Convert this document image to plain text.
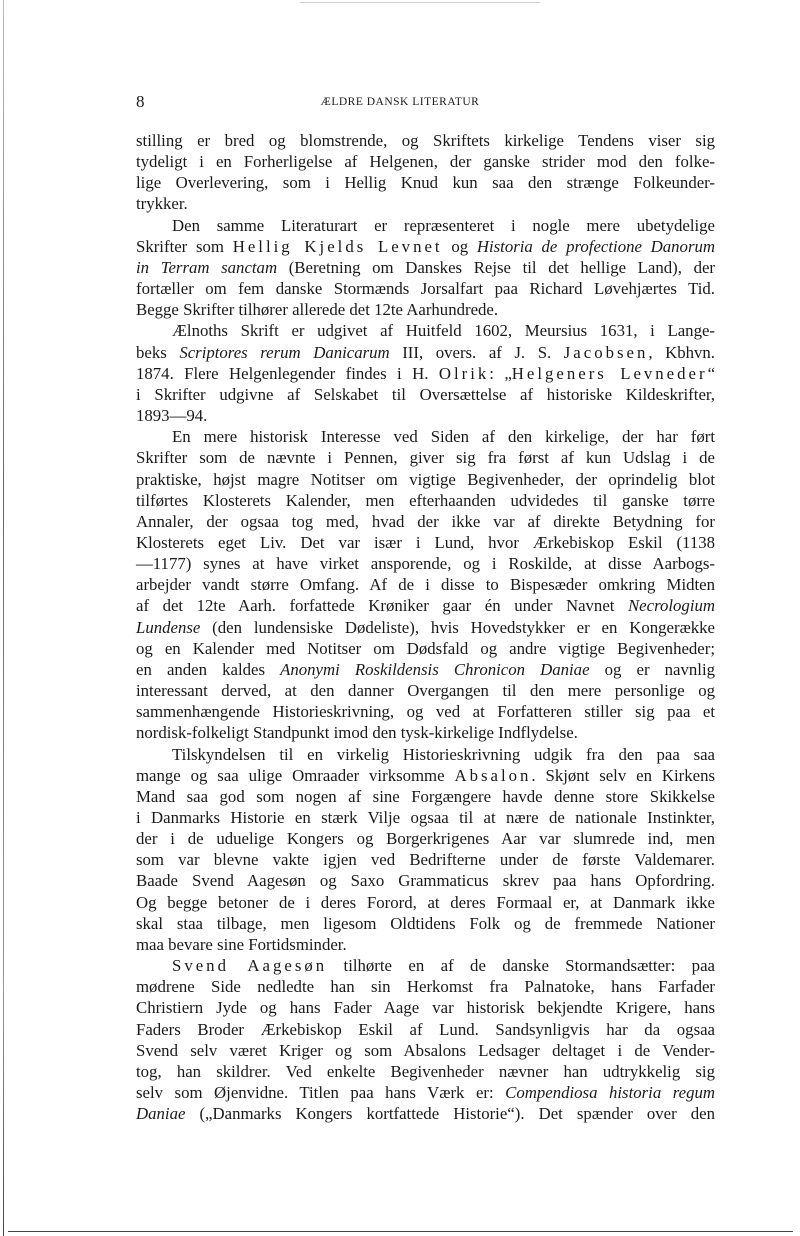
8	ÆLDRE DANSK LITERATUR
stilling er bred og blomstrende, og Skriftets kirkelige Tendens viser sig
tydeligt i en Forherligelse af Helgenen, der ganske strider mod den folke-
lige Overlevering, som i Hellig Knud kun saa den strænge Folkeunder-
trykker.
Den samme Literaturart er repræsenteret i nogle mere ubetydelige
Skrifter som Hellig Kjelds Levnet og Historia de profectione Danorum
in Terram sanctam (Beretning om Danskes Rejse til det hellige Land), der
fortæller om fem danske Stormænds Jorsalfart paa Richard Løvehjærtes Tid.
Begge Skrifter tilhører allerede det 12te Aarhundrede.
Ælnoths Skrift er udgivet af Huitfeld 1602, Meursius 1631, i Lange-
beks Scriptores rerum Danicarum III, overs. af J. S. Jacobsen, Kbhvn.
1874. Flere Helgenlegender findes i H. Olrik: „Helgeners Levneder“
i Skrifter udgivne af Selskabet til Oversættelse af historiske Kildeskrifter,
1893—94.
En mere historisk Interesse ved Siden af den kirkelige, der har ført
Skrifter som de nævnte i Pennen, giver sig fra først af kun Udslag i de
praktiske, højst magre Notitser om vigtige Begivenheder, der oprindelig blot
tilførtes Klosterets Kalender, men efterhaanden udvidedes til ganske tørre
Annaler, der ogsaa tog med, hvad der ikke var af direkte Betydning for
Klosterets eget Liv. Det var især i Lund, hvor Ærkebiskop Eskil (1138
—1177) synes at have virket ansporende, og i Roskilde, at disse Aarbogs-
arbejder vandt større Omfang. Af de i disse to Bispesæder omkring Midten
af det 12te Aarh. forfattede Krøniker gaar én under Navnet Necrologium
Lundense (den lundensiske Dødeliste), hvis Hovedstykker er en Kongerække
og en Kalender med Notitser om Dødsfald og andre vigtige Begivenheder;
en anden kaldes Anonymi Roskildensis Chronicon Daniae og er navnlig
interessant derved, at den danner Overgangen til den mere personlige og
sammenhængende Historieskrivning, og ved at Forfatteren stiller sig paa et
nordisk-folkeligt Standpunkt imod den tysk-kirkelige Indflydelse.
Tilskyndelsen til en virkelig Historieskrivning udgik fra den paa saa
mange og saa ulige Omraader virksomme Absalon. Skjønt selv en Kirkens
Mand saa god som nogen af sine Forgængere havde denne store Skikkelse
i Danmarks Historie en stærk Vilje ogsaa til at nære de nationale Instinkter,
der i de uduelige Kongers og Borgerkrigenes Aar var slumrede ind, men
som var blevne vakte igjen ved Bedrifterne under de første Valdemarer.
Baade Svend Aagesøn og Saxo Grammaticus skrev paa hans Opfordring.
Og begge betoner de i deres Forord, at deres Formaal er, at Danmark ikke
skal staa tilbage, men ligesom Oldtidens Folk og de fremmede Nationer
maa bevare sine Fortidsminder.
Svend Aagesøn tilhørte en af de danske Stormandsætter: paa
mødrene Side nedledte han sin Herkomst fra Palnatoke, hans Farfader
Christiern Jyde og hans Fader Aage var historisk bekjendte Krigere, hans
Faders Broder Ærkebiskop Eskil af Lund. Sandsynligvis har da ogsaa
Svend selv været Kriger og som Absalons Ledsager deltaget i de Vender-
tog, han skildrer. Ved enkelte Begivenheder nævner han udtrykkelig sig
selv som Øjenvidne. Titlen paa hans Værk er: Compendiosa historia regum
Daniae („Danmarks Kongers kortfattede Historie“). Det spænder over den
